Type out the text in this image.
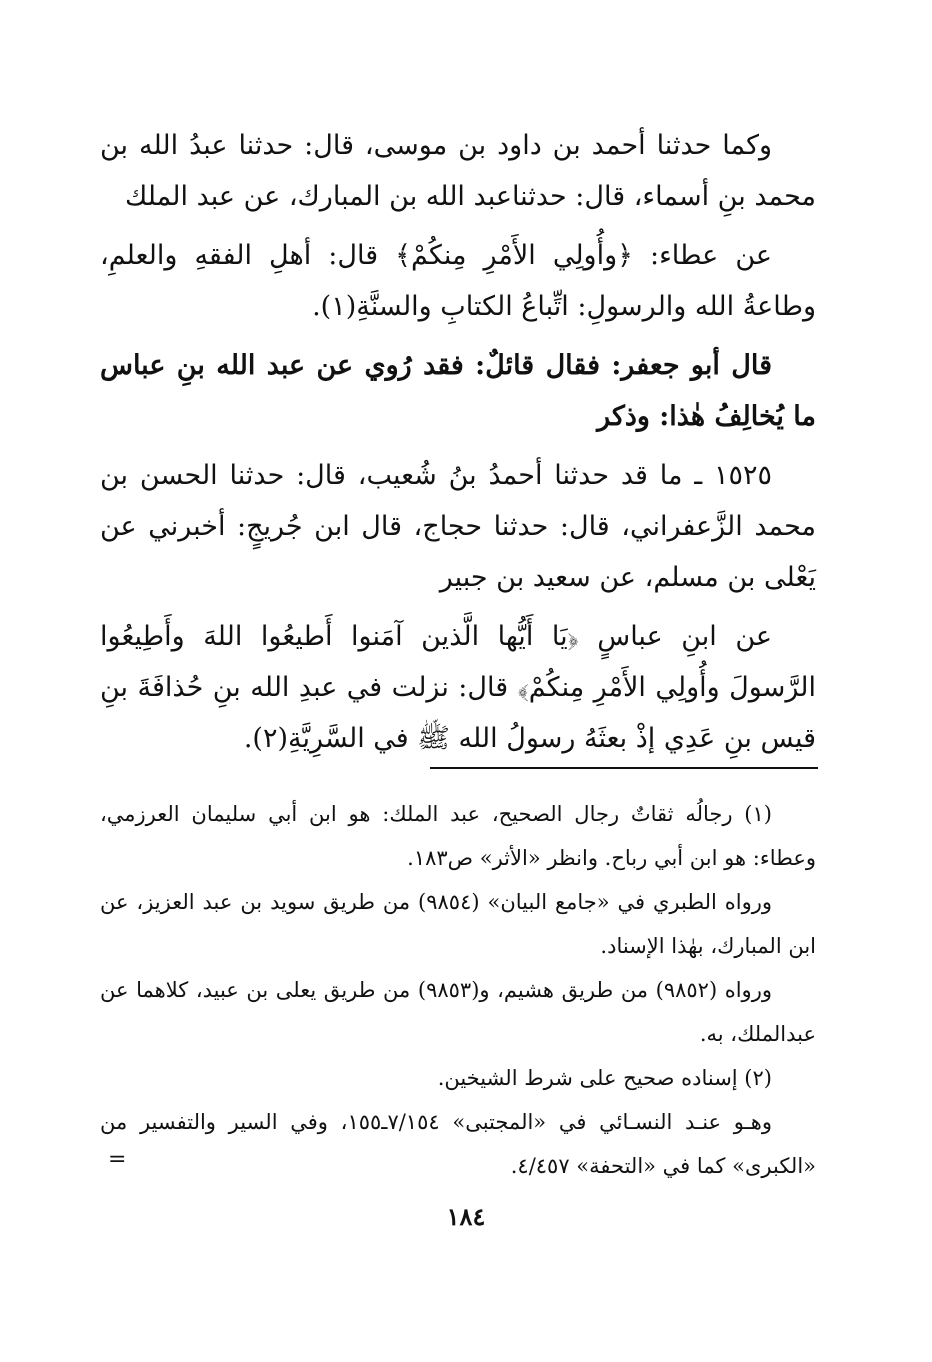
وكما حدثنا أحمد بن داود بن موسى، قال: حدثنا عبدُ الله بن محمد بنِ أسماء، قال: حدثناعبد الله بن المبارك، عن عبد الملك

عن عطاء: ﴿وأُولِي الأَمْرِ مِنكُمْ﴾ قال: أهلِ الفقهِ والعلمِ، وطاعةُ الله والرسولِ: اتِّباعُ الكتابِ والسنَّةِ(١).

قال أبو جعفر: فقال قائلٌ: فقد رُوي عن عبد الله بنِ عباس ما يُخالِفُ هٰذا: وذكر

١٥٢٥ ـ ما قد حدثنا أحمدُ بنُ شُعيب، قال: حدثنا الحسن بن محمد الزَّعفراني، قال: حدثنا حجاج، قال ابن جُريجٍ: أخبرني عن يَعْلى بن مسلم، عن سعيد بن جبير

عن ابنِ عباسٍ ﴿يَا أَيُّها الَّذين آمَنوا أَطيعُوا اللهَ وأَطِيعُوا الرَّسولَ وأُولِي الأَمْرِ مِنكُمْ﴾ قال: نزلت في عبدِ الله بنِ حُذافَةَ بنِ قيس بنِ عَدِي إذْ بعثَهُ رسولُ الله ﷺ في السَّرِيَّةِ(٢).

(١) رجالُه ثقاتٌ رجال الصحيح، عبد الملك: هو ابن أبي سليمان العرزمي، وعطاء: هو ابن أبي رباح. وانظر «الأثر» ص١٨٣.

ورواه الطبري في «جامع البيان» (٩٨٥٤) من طريق سويد بن عبد العزيز، عن ابن المبارك، بهٰذا الإسناد.

ورواه (٩٨٥٢) من طريق هشيم، و(٩٨٥٣) من طريق يعلى بن عبيد، كلاهما عن عبدالملك، به.

(٢) إسناده صحيح على شرط الشيخين.

وهـو عنـد النسـائي في «المجتبى» ٧/١٥٤ـ١٥٥، وفي السير والتفسير من «الكبرى» كما في «التحفة» ٤/٤٥٧.

=
١٨٤
